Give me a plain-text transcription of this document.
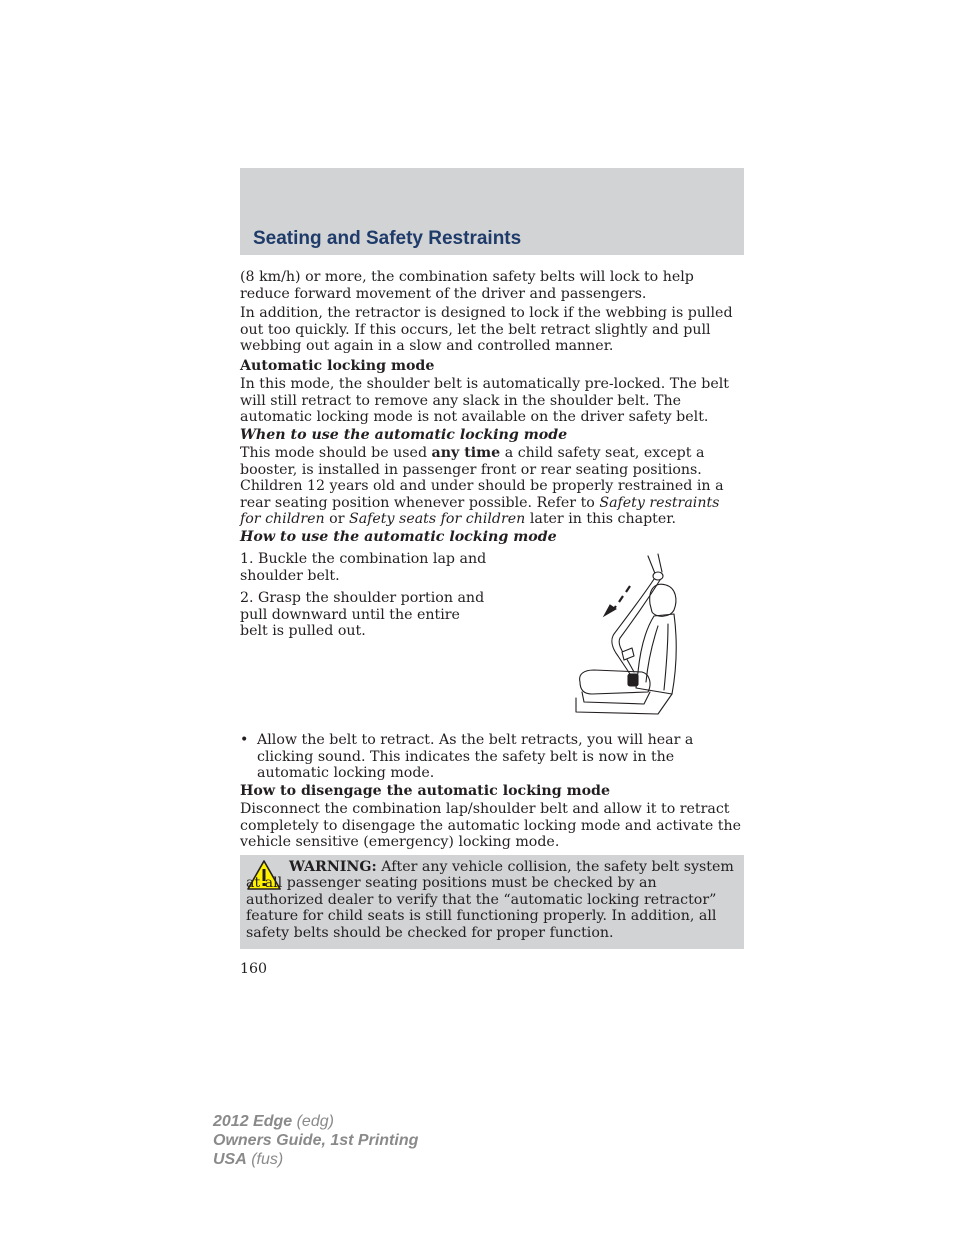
Seating and Safety Restraints

(8 km/h) or more, the combination safety belts will lock to help reduce forward movement of the driver and passengers.

In addition, the retractor is designed to lock if the webbing is pulled out too quickly. If this occurs, let the belt retract slightly and pull webbing out again in a slow and controlled manner.

Automatic locking mode

In this mode, the shoulder belt is automatically pre-locked. The belt will still retract to remove any slack in the shoulder belt. The automatic locking mode is not available on the driver safety belt.

When to use the automatic locking mode

This mode should be used any time a child safety seat, except a booster, is installed in passenger front or rear seating positions. Children 12 years old and under should be properly restrained in a rear seating position whenever possible. Refer to Safety restraints for children or Safety seats for children later in this chapter.

How to use the automatic locking mode

1. Buckle the combination lap and shoulder belt.

2. Grasp the shoulder portion and pull downward until the entire belt is pulled out.

• Allow the belt to retract. As the belt retracts, you will hear a clicking sound. This indicates the safety belt is now in the automatic locking mode.

How to disengage the automatic locking mode

Disconnect the combination lap/shoulder belt and allow it to retract completely to disengage the automatic locking mode and activate the vehicle sensitive (emergency) locking mode.

WARNING: After any vehicle collision, the safety belt system at all passenger seating positions must be checked by an authorized dealer to verify that the “automatic locking retractor” feature for child seats is still functioning properly. In addition, all safety belts should be checked for proper function.

160
2012 Edge (edg)
Owners Guide, 1st Printing
USA (fus)
